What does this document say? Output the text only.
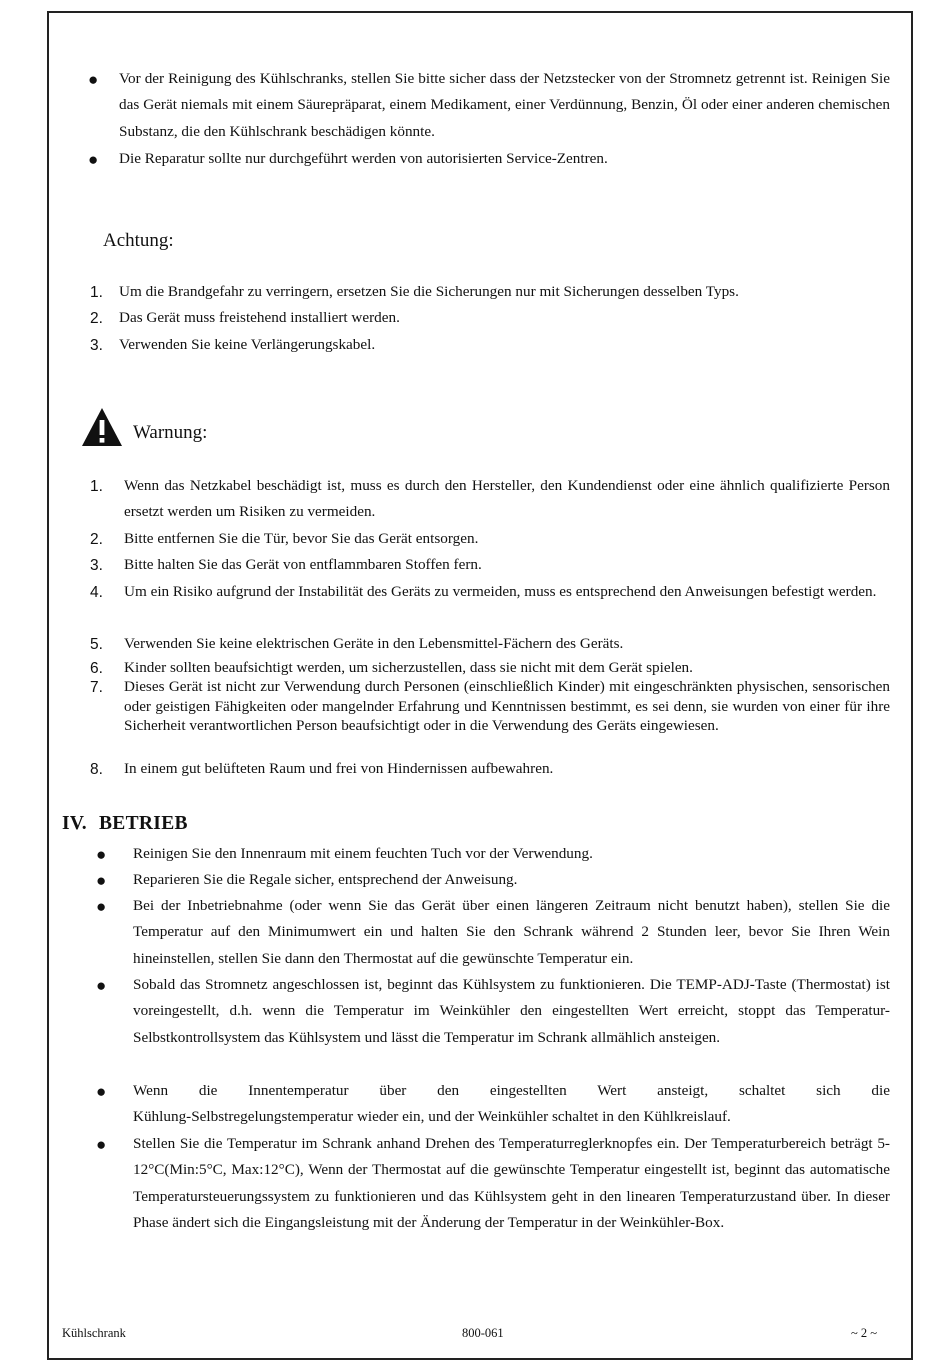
● Vor der Reinigung des Kühlschranks, stellen Sie bitte sicher dass der Netzstecker von der Stromnetz getrennt ist. Reinigen Sie das Gerät niemals mit einem Säurepräparat, einem Medikament, einer Verdünnung, Benzin, Öl oder einer anderen chemischen Substanz, die den Kühlschrank beschädigen könnte.
● Die Reparatur sollte nur durchgeführt werden von autorisierten Service-Zentren.
Achtung:
1. Um die Brandgefahr zu verringern, ersetzen Sie die Sicherungen nur mit Sicherungen desselben Typs.
2. Das Gerät muss freistehend installiert werden.
3. Verwenden Sie keine Verlängerungskabel.
Warnung:
1. Wenn das Netzkabel beschädigt ist, muss es durch den Hersteller, den Kundendienst oder eine ähnlich qualifizierte Person ersetzt werden um Risiken zu vermeiden.
2. Bitte entfernen Sie die Tür, bevor Sie das Gerät entsorgen.
3. Bitte halten Sie das Gerät von entflammbaren Stoffen fern.
4. Um ein Risiko aufgrund der Instabilität des Geräts zu vermeiden, muss es entsprechend den Anweisungen befestigt werden.
5. Verwenden Sie keine elektrischen Geräte in den Lebensmittel-Fächern des Geräts.
6. Kinder sollten beaufsichtigt werden, um sicherzustellen, dass sie nicht mit dem Gerät spielen.
7. Dieses Gerät ist nicht zur Verwendung durch Personen (einschließlich Kinder) mit eingeschränkten physischen, sensorischen oder geistigen Fähigkeiten oder mangelnder Erfahrung und Kenntnissen bestimmt, es sei denn, sie wurden von einer für ihre Sicherheit verantwortlichen Person beaufsichtigt oder in die Verwendung des Geräts eingewiesen.
8. In einem gut belüfteten Raum und frei von Hindernissen aufbewahren.
IV. BETRIEB
● Reinigen Sie den Innenraum mit einem feuchten Tuch vor der Verwendung.
● Reparieren Sie die Regale sicher, entsprechend der Anweisung.
● Bei der Inbetriebnahme (oder wenn Sie das Gerät über einen längeren Zeitraum nicht benutzt haben), stellen Sie die Temperatur auf den Minimumwert ein und halten Sie den Schrank während 2 Stunden leer, bevor Sie Ihren Wein hineinstellen, stellen Sie dann den Thermostat auf die gewünschte Temperatur ein.
● Sobald das Stromnetz angeschlossen ist, beginnt das Kühlsystem zu funktionieren. Die TEMP-ADJ-Taste (Thermostat) ist voreingestellt, d.h. wenn die Temperatur im Weinkühler den eingestellten Wert erreicht, stoppt das Temperatur-Selbstkontrollsystem das Kühlsystem und lässt die Temperatur im Schrank allmählich ansteigen.
● Wenn die Innentemperatur über den eingestellten Wert ansteigt, schaltet sich die
Kühlung-Selbstregelungstemperatur wieder ein, und der Weinkühler schaltet in den Kühlkreislauf.
● Stellen Sie die Temperatur im Schrank anhand Drehen des Temperaturreglerknopfes ein. Der Temperaturbereich beträgt 5-12°C(Min:5°C, Max:12°C), Wenn der Thermostat auf die gewünschte Temperatur eingestellt ist, beginnt das automatische Temperatursteuerungssystem zu funktionieren und das Kühlsystem geht in den linearen Temperaturzustand über. In dieser Phase ändert sich die Eingangsleistung mit der Änderung der Temperatur in der Weinkühler-Box.
Kühlschrank	800-061	~ 2 ~
